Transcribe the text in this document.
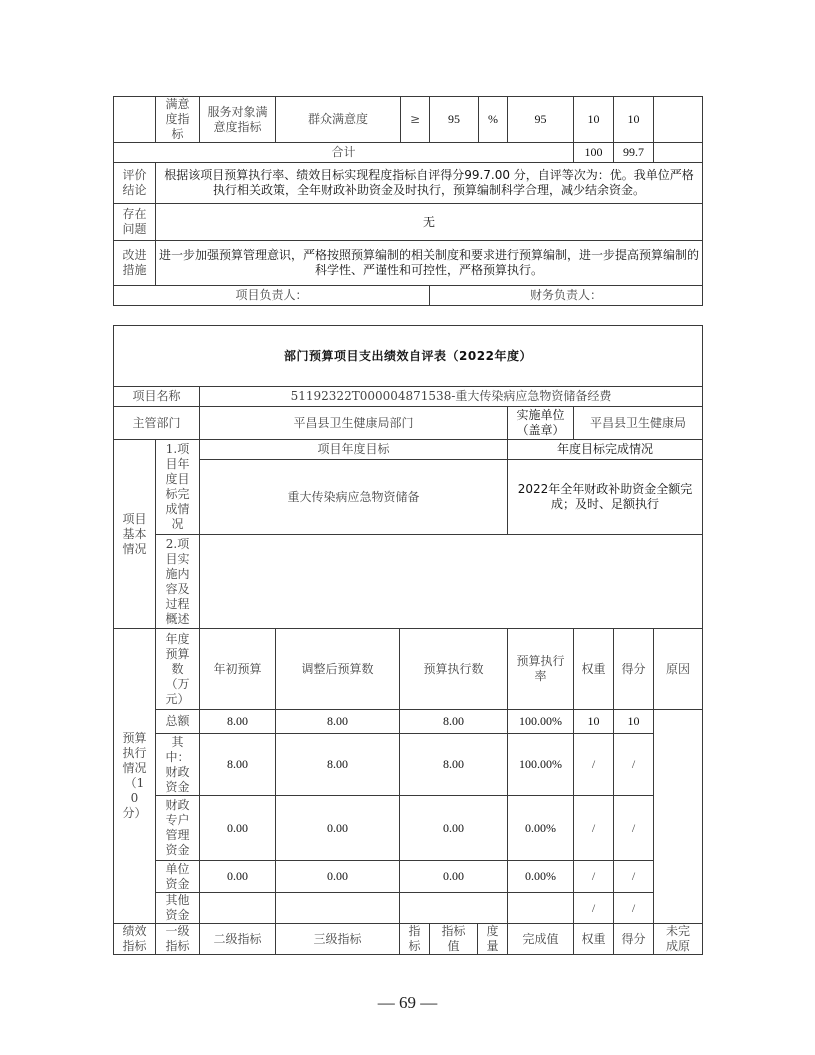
	满意度指标	服务对象满意度指标	群众满意度	≥	95	%	95	10	10	
合计								100	99.7	
评价结论	根据该项目预算执行率、绩效目标实现程度指标自评得分99.7.00 分，自评等次为：优。我单位严格执行相关政策，全年财政补助资金及时执行，预算编制科学合理，减少结余资金。									
存在问题	无									
改进措施	进一步加强预算管理意识，严格按照预算编制的相关制度和要求进行预算编制，进一步提高预算编制的科学性、严谨性和可控性，严格预算执行。									
项目负责人：					财务负责人：					
部门预算项目支出绩效自评表（2022年度）										
项目名称		51192322T000004871538-重大传染病应急物资储备经费								
主管部门		平昌县卫生健康局部门					实施单位（盖章）	平昌县卫生健康局		
项目基本情况	1.项目年度目标完成情况	项目年度目标					年度目标完成情况			
		重大传染病应急物资储备					2022年全年财政补助资金全额完成；及时、足额执行			
	2.项目实施内容及过程概述									
预算执行情况（10分）	年度预算数（万元）	年初预算	调整后预算数	预算执行数			预算执行率	权重	得分	原因
	总额	8.00	8.00	8.00			100.00%	10	10	
	其中：财政资金	8.00	8.00	8.00			100.00%	/	/	
	财政专户管理资金	0.00	0.00	0.00			0.00%	/	/	
	单位资金	0.00	0.00	0.00			0.00%	/	/	
	其他资金							/	/	
绩效指标	一级指标	二级指标	三级指标	指标	指标值	度量	完成值	权重	得分	未完成原
— 69 —
